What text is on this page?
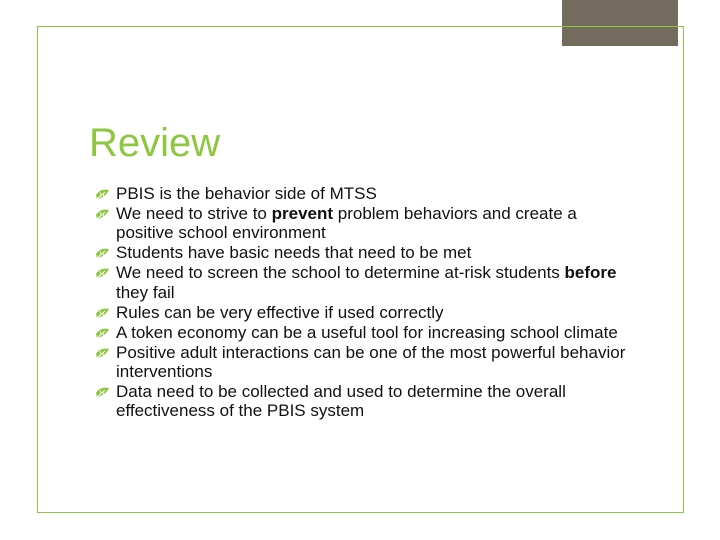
Review
PBIS is the behavior side of MTSS
We need to strive to prevent problem behaviors and create a positive school environment
Students have basic needs that need to be met
We need to screen the school to determine at-risk students before they fail
Rules can be very effective if used correctly
A token economy can be a useful tool for increasing school climate
Positive adult interactions can be one of the most powerful behavior interventions
Data need to be collected and used to determine the overall effectiveness of the PBIS system
